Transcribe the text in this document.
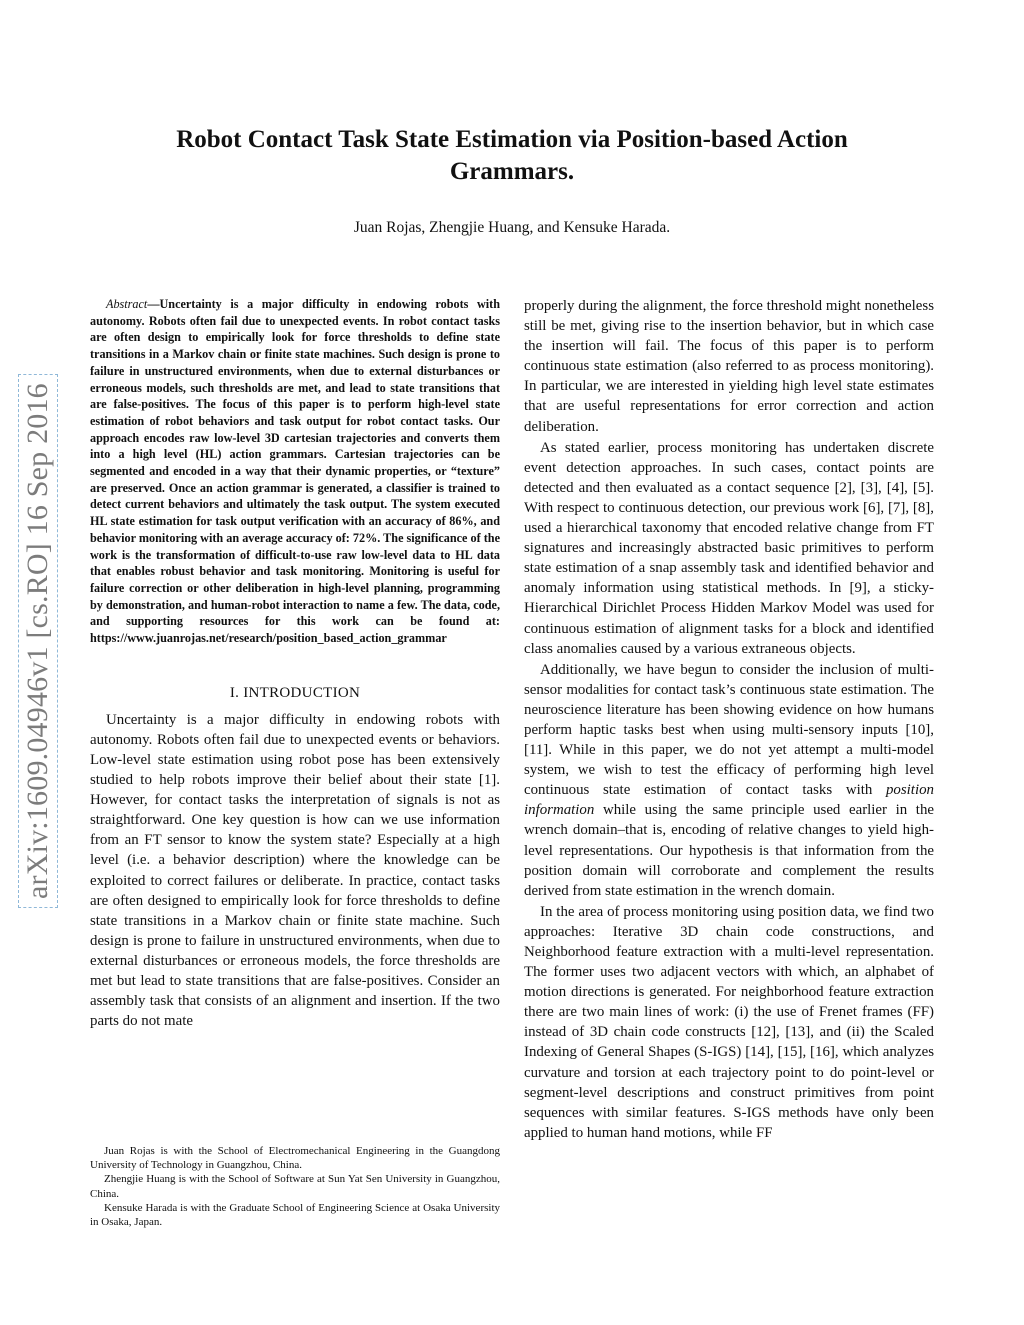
Robot Contact Task State Estimation via Position-based Action Grammars.
Juan Rojas, Zhengjie Huang, and Kensuke Harada.
arXiv:1609.04946v1 [cs.RO] 16 Sep 2016

Abstract—Uncertainty is a major difficulty in endowing robots with autonomy. Robots often fail due to unexpected events. In robot contact tasks are often design to empirically look for force thresholds to define state transitions in a Markov chain or finite state machines. Such design is prone to failure in unstructured environments, when due to external disturbances or erroneous models, such thresholds are met, and lead to state transitions that are false-positives. The focus of this paper is to perform high-level state estimation of robot behaviors and task output for robot contact tasks. Our approach encodes raw low-level 3D cartesian trajectories and converts them into a high level (HL) action grammars. Cartesian trajectories can be segmented and encoded in a way that their dynamic properties, or “texture” are preserved. Once an action grammar is generated, a classifier is trained to detect current behaviors and ultimately the task output. The system executed HL state estimation for task output verification with an accuracy of 86%, and behavior monitoring with an average accuracy of: 72%. The significance of the work is the transformation of difficult-to-use raw low-level data to HL data that enables robust behavior and task monitoring. Monitoring is useful for failure correction or other deliberation in high-level planning, programming by demonstration, and human-robot interaction to name a few. The data, code, and supporting resources for this work can be found at: https://www.juanrojas.net/research/position_based_action_grammar

I. INTRODUCTION

Uncertainty is a major difficulty in endowing robots with autonomy. Robots often fail due to unexpected events or behaviors. Low-level state estimation using robot pose has been extensively studied to help robots improve their belief about their state [1]. However, for contact tasks the interpretation of signals is not as straightforward. One key question is how can we use information from an FT sensor to know the system state? Especially at a high level (i.e. a behavior description) where the knowledge can be exploited to correct failures or deliberate. In practice, contact tasks are often designed to empirically look for force thresholds to define state transitions in a Markov chain or finite state machine. Such design is prone to failure in unstructured environments, when due to external disturbances or erroneous models, the force thresholds are met but lead to state transitions that are false-positives. Consider an assembly task that consists of an alignment and insertion. If the two parts do not mate

properly during the alignment, the force threshold might nonetheless still be met, giving rise to the insertion behavior, but in which case the insertion will fail. The focus of this paper is to perform continuous state estimation (also referred to as process monitoring). In particular, we are interested in yielding high level state estimates that are useful representations for error correction and action deliberation.

As stated earlier, process monitoring has undertaken discrete event detection approaches. In such cases, contact points are detected and then evaluated as a contact sequence [2], [3], [4], [5]. With respect to continuous detection, our previous work [6], [7], [8], used a hierarchical taxonomy that encoded relative change from FT signatures and increasingly abstracted basic primitives to perform state estimation of a snap assembly task and identified behavior and anomaly information using statistical methods. In [9], a sticky-Hierarchical Dirichlet Process Hidden Markov Model was used for continuous estimation of alignment tasks for a block and identified class anomalies caused by a various extraneous objects.

Additionally, we have begun to consider the inclusion of multi-sensor modalities for contact task’s continuous state estimation. The neuroscience literature has been showing evidence on how humans perform haptic tasks best when using multi-sensory inputs [10], [11]. While in this paper, we do not yet attempt a multi-model system, we wish to test the efficacy of performing high level continuous state estimation of contact tasks with position information while using the same principle used earlier in the wrench domain–that is, encoding of relative changes to yield high-level representations. Our hypothesis is that information from the position domain will corroborate and complement the results derived from state estimation in the wrench domain.

In the area of process monitoring using position data, we find two approaches: Iterative 3D chain code constructions, and Neighborhood feature extraction with a multi-level representation. The former uses two adjacent vectors with which, an alphabet of motion directions is generated. For neighborhood feature extraction there are two main lines of work: (i) the use of Frenet frames (FF) instead of 3D chain code constructs [12], [13], and (ii) the Scaled Indexing of General Shapes (S-IGS) [14], [15], [16], which analyzes curvature and torsion at each trajectory point to do point-level or segment-level descriptions and construct primitives from point sequences with similar features. S-IGS methods have only been applied to human hand motions, while FF

Juan Rojas is with the School of Electromechanical Engineering in the Guangdong University of Technology in Guangzhou, China.

Zhengjie Huang is with the School of Software at Sun Yat Sen University in Guangzhou, China.

Kensuke Harada is with the Graduate School of Engineering Science at Osaka University in Osaka, Japan.
